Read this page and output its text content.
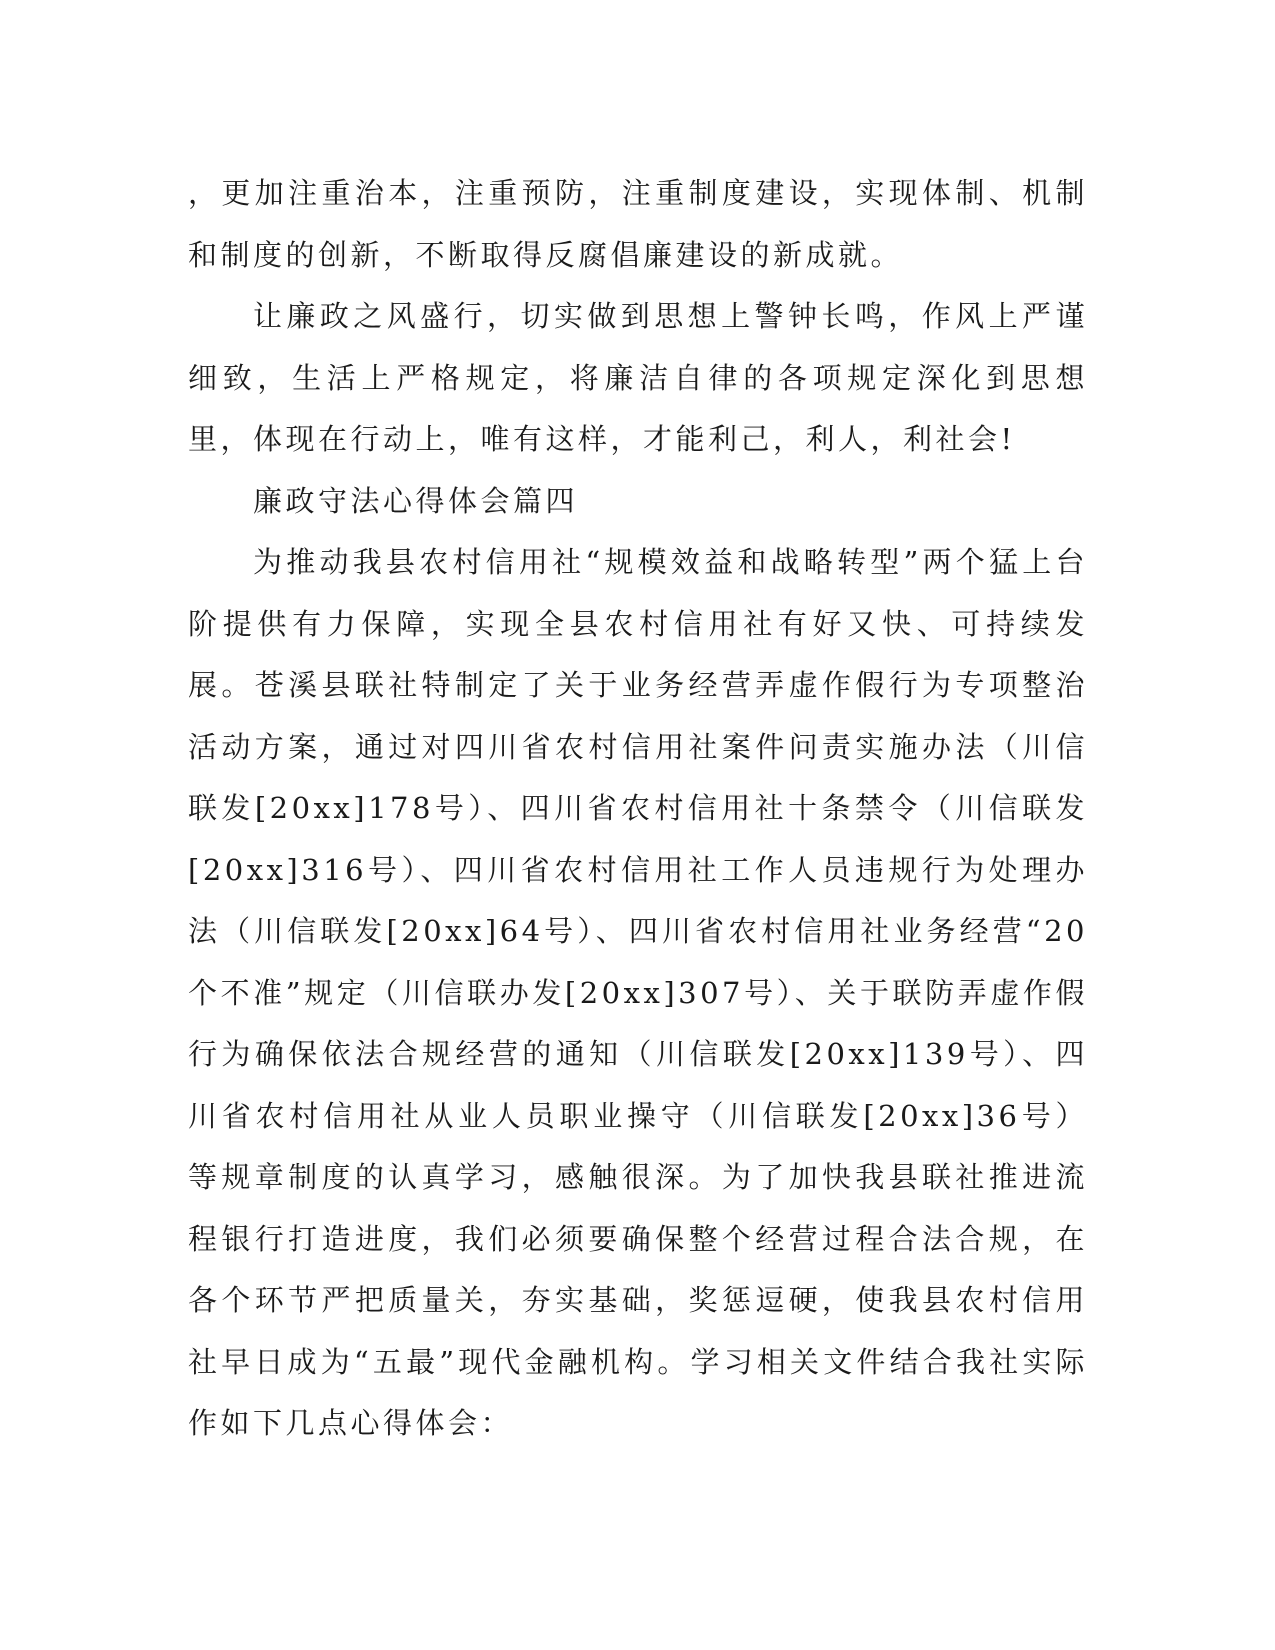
，更加注重治本，注重预防，注重制度建设，实现体制、机制和制度的创新，不断取得反腐倡廉建设的新成就。

让廉政之风盛行，切实做到思想上警钟长鸣，作风上严谨细致，生活上严格规定，将廉洁自律的各项规定深化到思想里，体现在行动上，唯有这样，才能利己，利人，利社会!

廉政守法心得体会篇四

为推动我县农村信用社“规模效益和战略转型”两个猛上台阶提供有力保障，实现全县农村信用社有好又快、可持续发展。苍溪县联社特制定了关于业务经营弄虚作假行为专项整治活动方案，通过对四川省农村信用社案件问责实施办法（川信联发[20xx]178号）、四川省农村信用社十条禁令（川信联发[20xx]316号）、四川省农村信用社工作人员违规行为处理办法（川信联发[20xx]64号）、四川省农村信用社业务经营“20个不准”规定（川信联办发[20xx]307号）、关于联防弄虚作假行为确保依法合规经营的通知（川信联发[20xx]139号）、四川省农村信用社从业人员职业操守（川信联发[20xx]36号）等规章制度的认真学习，感触很深。为了加快我县联社推进流程银行打造进度，我们必须要确保整个经营过程合法合规，在各个环节严把质量关，夯实基础，奖惩逗硬，使我县农村信用社早日成为“五最”现代金融机构。学习相关文件结合我社实际作如下几点心得体会：
